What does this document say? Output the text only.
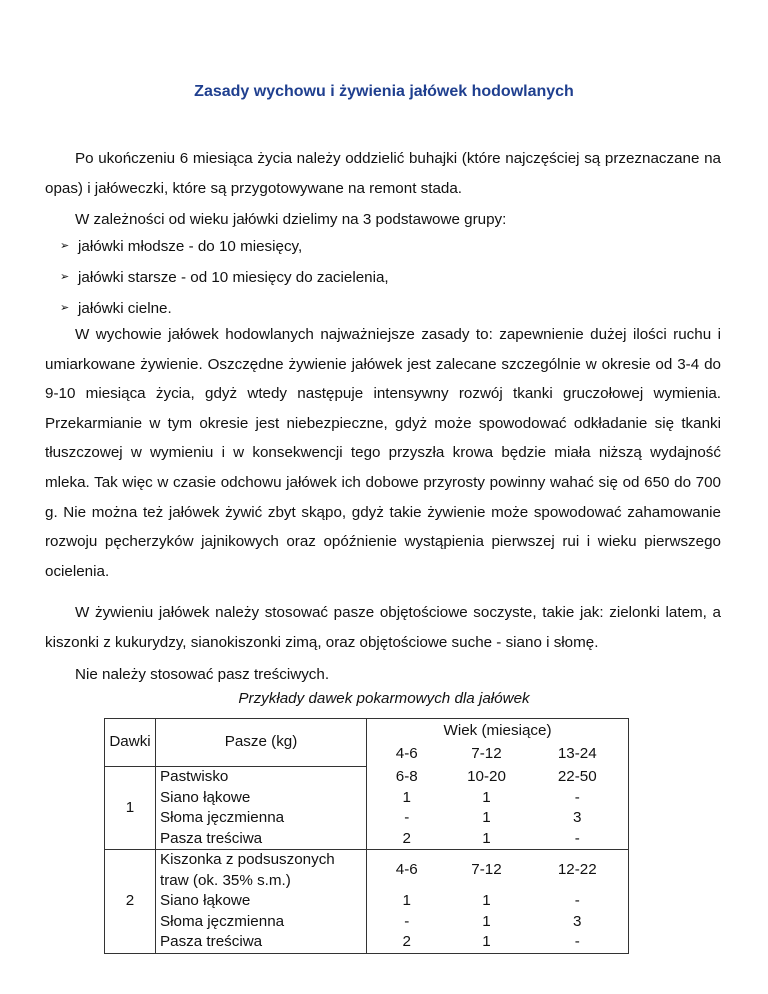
Zasady wychowu i żywienia jałówek hodowlanych

Po ukończeniu 6 miesiąca życia należy oddzielić buhajki (które najczęściej są przeznaczane na opas) i jałóweczki, które są przygotowywane na remont stada.

W zależności od wieku jałówki dzielimy na 3 podstawowe grupy:

➢ jałówki młodsze - do 10 miesięcy,
➢ jałówki starsze - od 10 miesięcy do zacielenia,
➢ jałówki cielne.

W wychowie jałówek hodowlanych najważniejsze zasady to: zapewnienie dużej ilości ruchu i umiarkowane żywienie. Oszczędne żywienie jałówek jest zalecane szczególnie w okresie od 3-4 do 9-10 miesiąca życia, gdyż wtedy następuje intensywny rozwój tkanki gruczołowej wymienia. Przekarmianie w tym okresie jest niebezpieczne, gdyż może spowodować odkładanie się tkanki tłuszczowej w wymieniu i w konsekwencji tego przyszła krowa będzie miała niższą wydajność mleka. Tak więc w czasie odchowu jałówek ich dobowe przyrosty powinny wahać się od 650 do 700 g. Nie można też jałówek żywić zbyt skąpo, gdyż takie żywienie może spowodować zahamowanie rozwoju pęcherzyków jajnikowych oraz opóźnienie wystąpienia pierwszej rui i wieku pierwszego ocielenia.

W żywieniu jałówek należy stosować pasze objętościowe soczyste, takie jak: zielonki latem, a kiszonki z kukurydzy, sianokiszonki zimą, oraz objętościowe suche - siano i słomę.

Nie należy stosować pasz treściwych.

Przykłady dawek pokarmowych dla jałówek
Dawki	Pasze (kg)	Wiek (miesiące)		
		4-6	7-12	13-24
1	Pastwisko	6-8	10-20	22-50
	Siano łąkowe	1	1	-
	Słoma jęczmienna	-	1	3
	Pasza treściwa	2	1	-
2	Kiszonka z podsuszonych
traw (ok. 35% s.m.)	4-6	7-12	12-22
	Siano łąkowe	1	1	-
	Słoma jęczmienna	-	1	3
	Pasza treściwa	2	1	-
